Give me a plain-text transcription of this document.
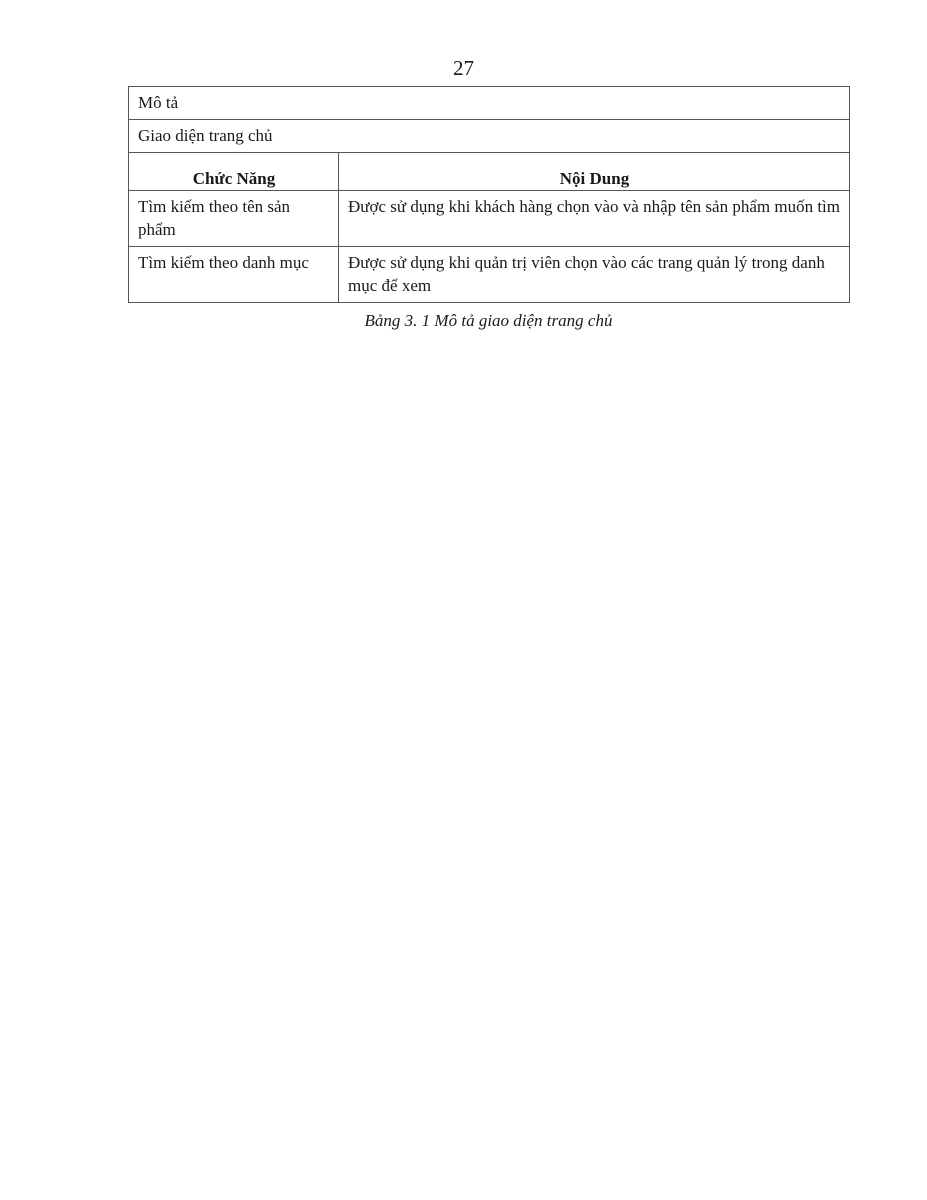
27
Mô tả	
Giao diện trang chủ	
Chức Năng	Nội Dung
Tìm kiếm theo tên sản phẩm	Được sử dụng khi khách hàng chọn vào và nhập tên sản phẩm muốn tìm
Tìm kiếm theo danh mục	Được sử dụng khi quản trị viên chọn vào các trang quản lý trong danh mục để xem
Bảng 3. 1 Mô tả giao diện trang chủ
